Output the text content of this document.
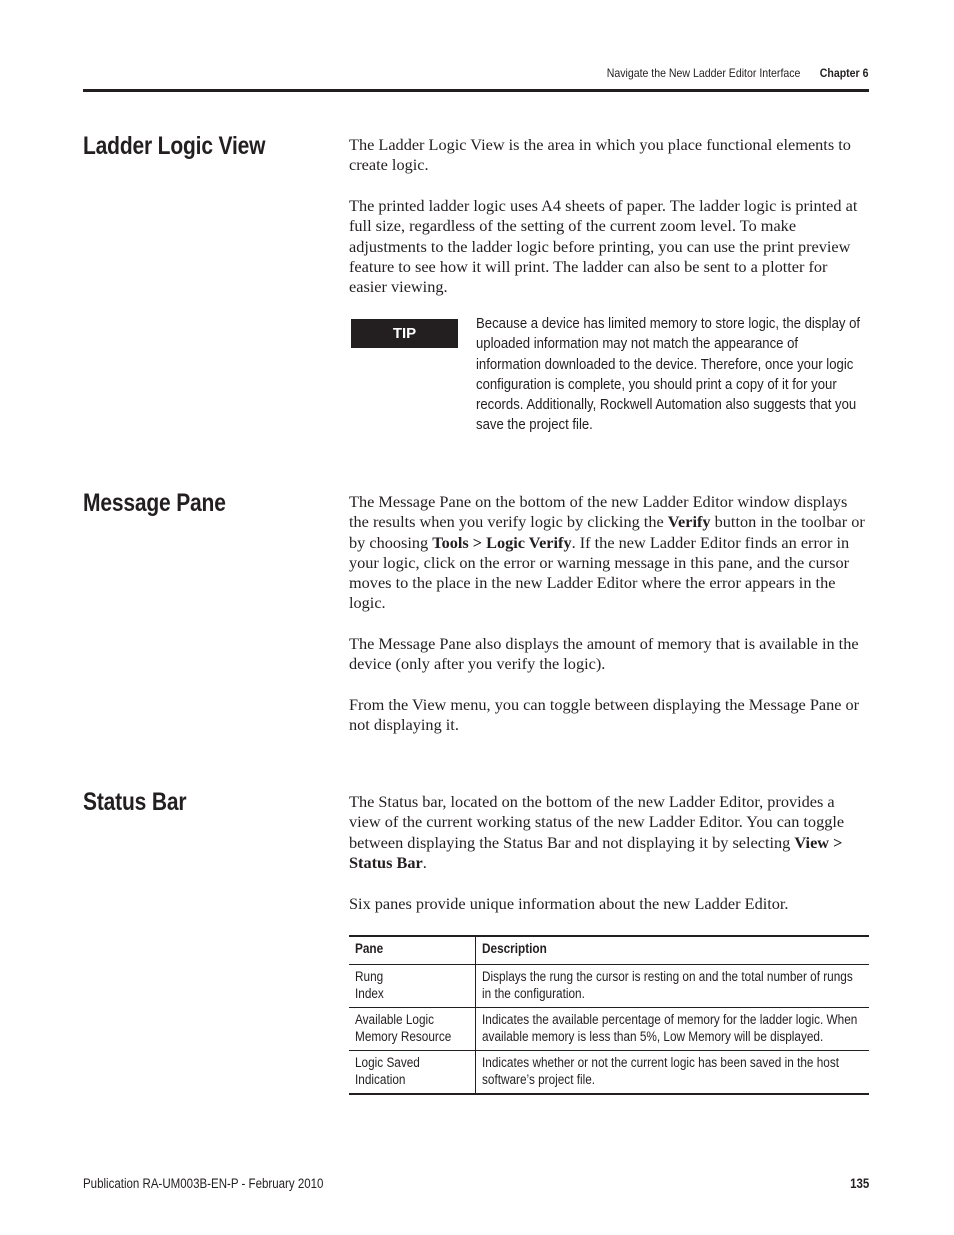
Navigate the New Ladder Editor Interface Chapter 6
Ladder Logic View	The Ladder Logic View is the area in which you place functional elements to create logic.

The printed ladder logic uses A4 sheets of paper. The ladder logic is printed at full size, regardless of the setting of the current zoom level. To make adjustments to the ladder logic before printing, you can use the print preview feature to see how it will print. The ladder can also be sent to a plotter for easier viewing.

TIP

Because a device has limited memory to store logic, the display of uploaded information may not match the appearance of information downloaded to the device. Therefore, once your logic configuration is complete, you should print a copy of it for your records. Additionally, Rockwell Automation also suggests that you save the project file.

Message Pane	The Message Pane on the bottom of the new Ladder Editor window displays the results when you verify logic by clicking the Verify button in the toolbar or by choosing Tools > Logic Verify. If the new Ladder Editor finds an error in your logic, click on the error or warning message in this pane, and the cursor moves to the place in the new Ladder Editor where the error appears in the logic.

The Message Pane also displays the amount of memory that is available in the device (only after you verify the logic).

From the View menu, you can toggle between displaying the Message Pane or not displaying it.

Status Bar	The Status bar, located on the bottom of the new Ladder Editor, provides a view of the current working status of the new Ladder Editor. You can toggle between displaying the Status Bar and not displaying it by selecting View > Status Bar.

Six panes provide unique information about the new Ladder Editor.

Pane	Description

Rung
Index	Displays the rung the cursor is resting on and the total number of rungs in the configuration.

Available Logic Memory Resource	Indicates the available percentage of memory for the ladder logic. When available memory is less than 5%, Low Memory will be displayed.

Logic Saved Indication	Indicates whether or not the current logic has been saved in the host software’s project file.
Publication RA-UM003B-EN-P - February 2010	135
